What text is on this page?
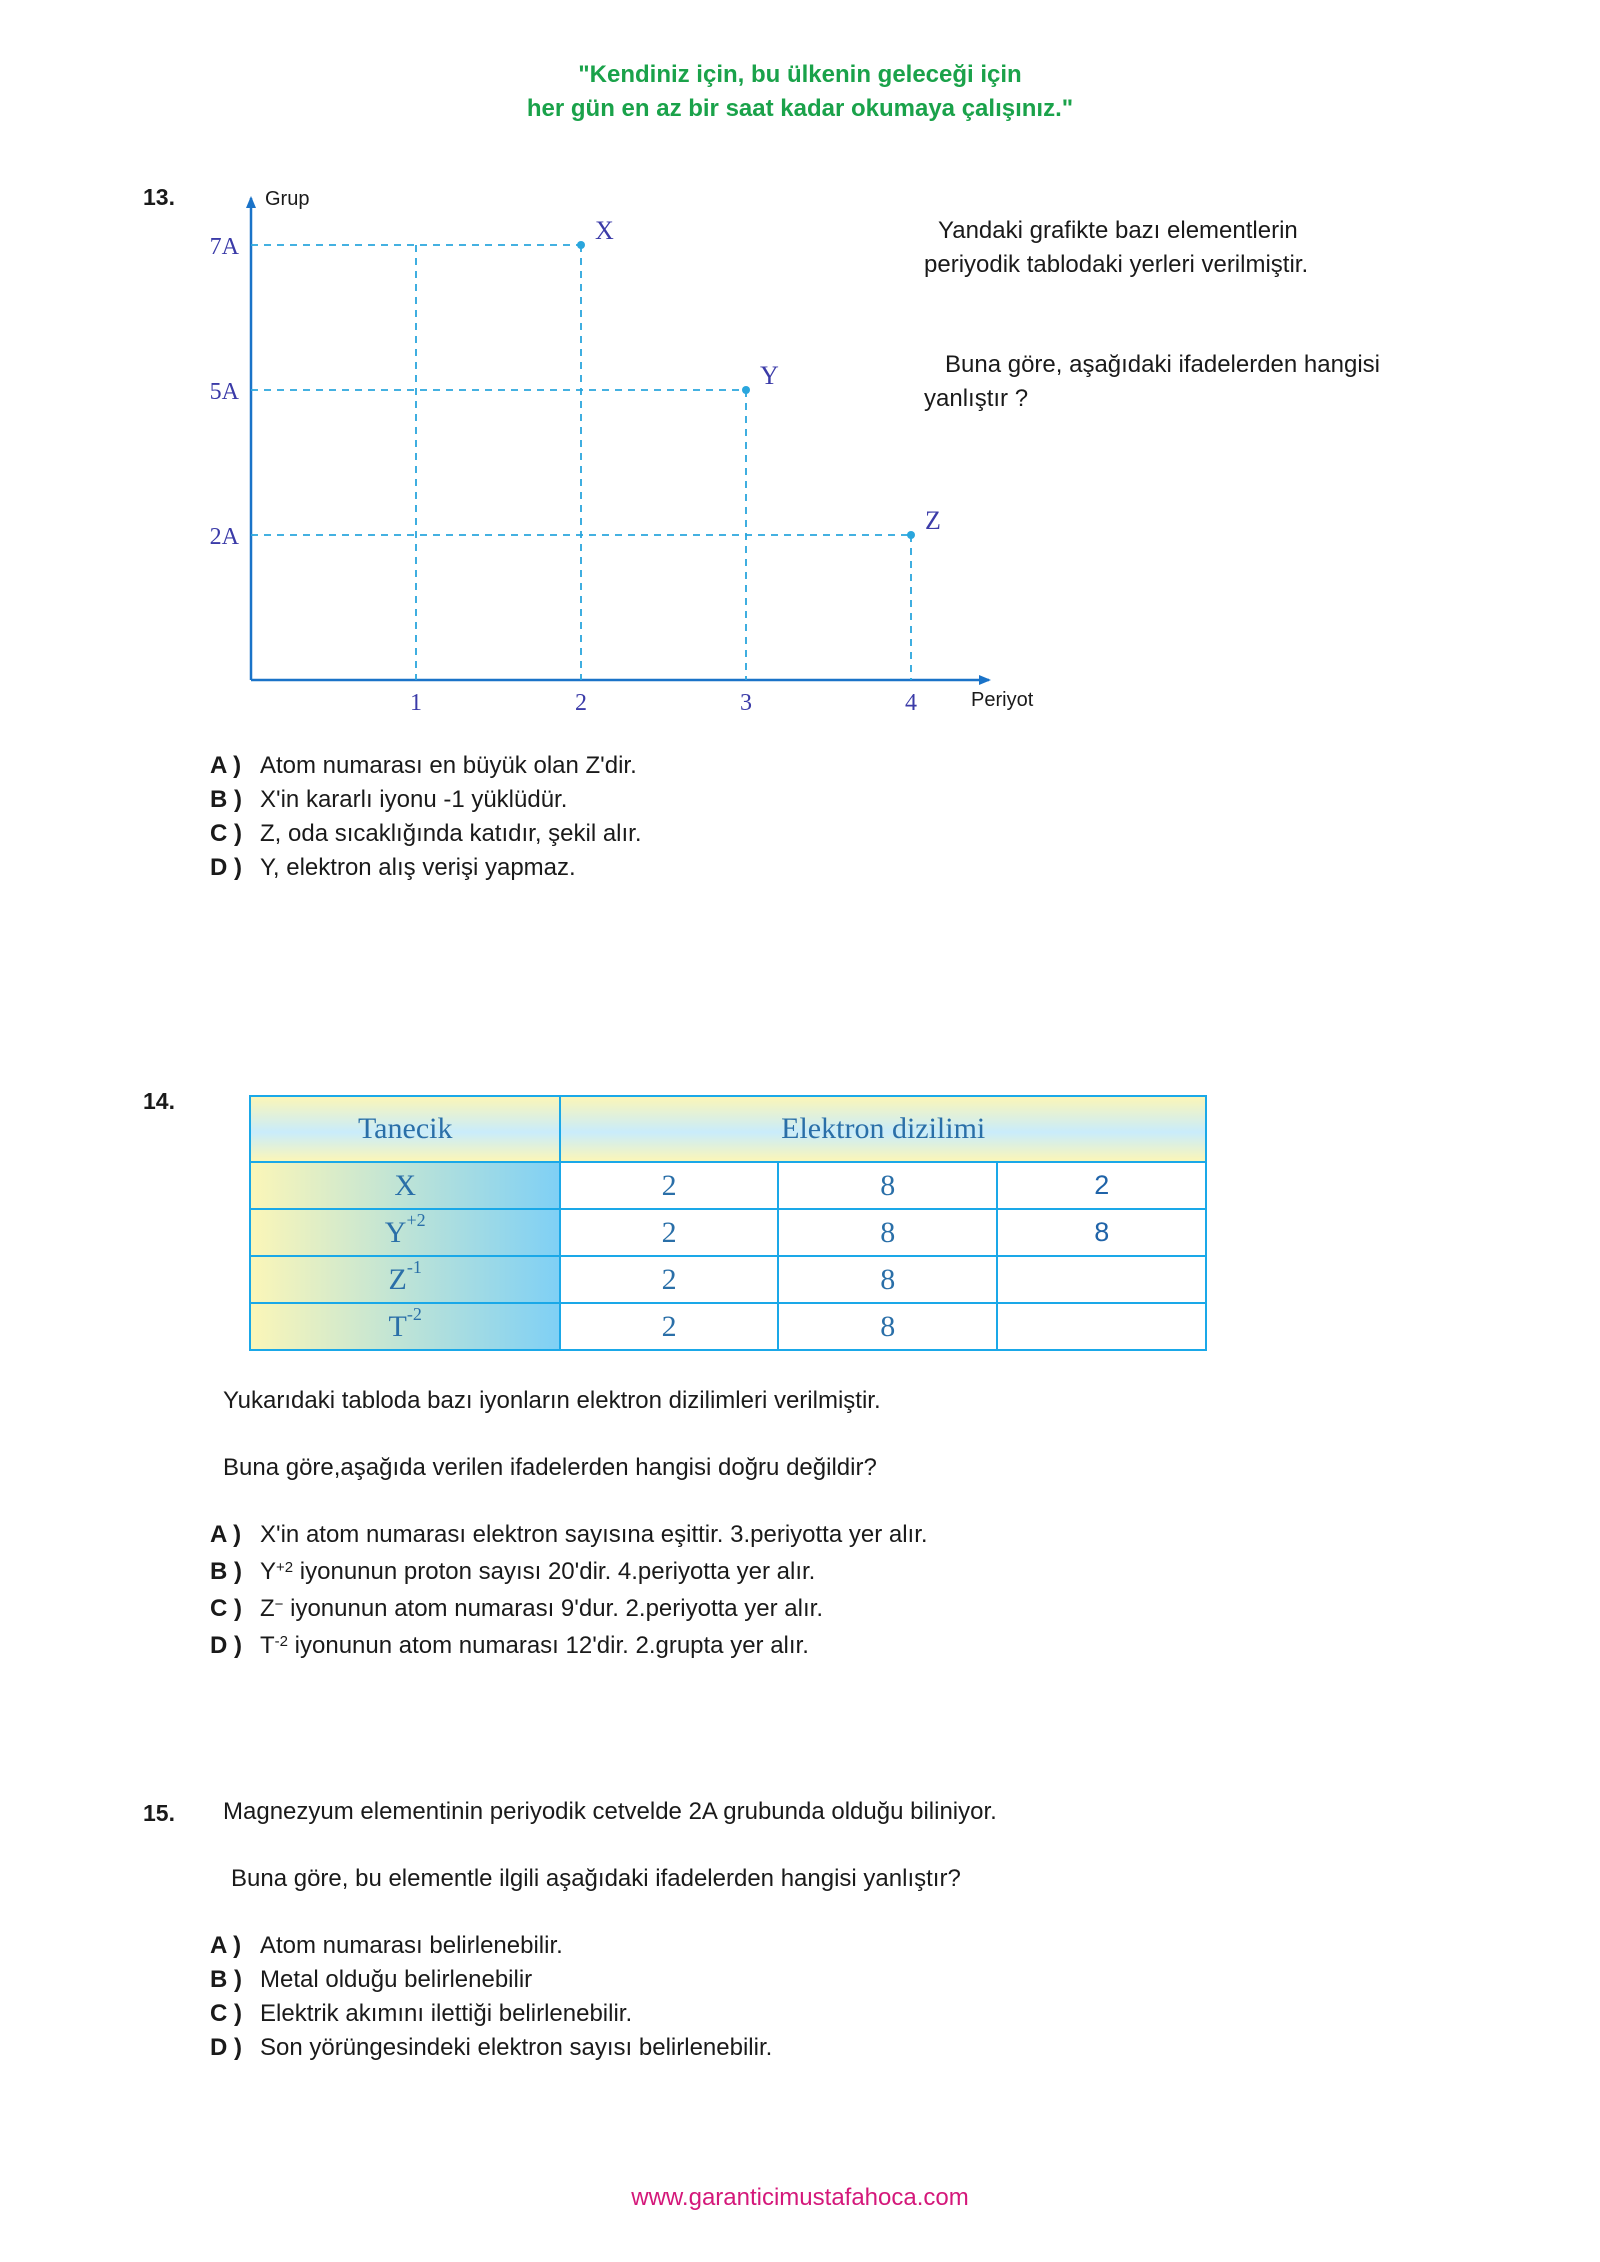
"Kendiniz için, bu ülkenin geleceği için
her gün en az bir saat kadar okumaya çalışınız."
13.	Grup
Periyot
2A
5A
7A
1	2	3	4
X
Y
Z
Yandaki grafikte bazı elementlerin
periyodik tablodaki yerleri verilmiştir.
Buna göre, aşağıdaki ifadelerden hangisi
yanlıştır ?
A ) Atom numarası en büyük olan Z'dir.
B ) X'in kararlı iyonu -1 yüklüdür.
C ) Z, oda sıcaklığında katıdır, şekil alır.
D ) Y, elektron alış verişi yapmaz.
14.
Tanecik	Elektron dizilimi		
X	2	8	2
$Y^{+2}$	2	8	8
$Z^{-1}$	2	8	
$T^{-2}$	2	8	
Yukarıdaki tabloda bazı iyonların elektron dizilimleri verilmiştir.
Buna göre,aşağıda verilen ifadelerden hangisi doğru değildir?
A ) X'in atom numarası elektron sayısına eşittir. 3.periyotta yer alır.
B ) $Y^{+2}$ iyonunun proton sayısı 20'dir. 4.periyotta yer alır.
C ) Z− iyonunun atom numarası 9'dur. 2.periyotta yer alır.
D ) $T^{-2}$ iyonunun atom numarası 12'dir. 2.grupta yer alır.
15. Magnezyum elementinin periyodik cetvelde 2A grubunda olduğu biliniyor.
Buna göre, bu elementle ilgili aşağıdaki ifadelerden hangisi yanlıştır?
A ) Atom numarası belirlenebilir.
B ) Metal olduğu belirlenebilir
C ) Elektrik akımını ilettiği belirlenebilir.
D ) Son yörüngesindeki elektron sayısı belirlenebilir.
www.garanticimustafahoca.com
